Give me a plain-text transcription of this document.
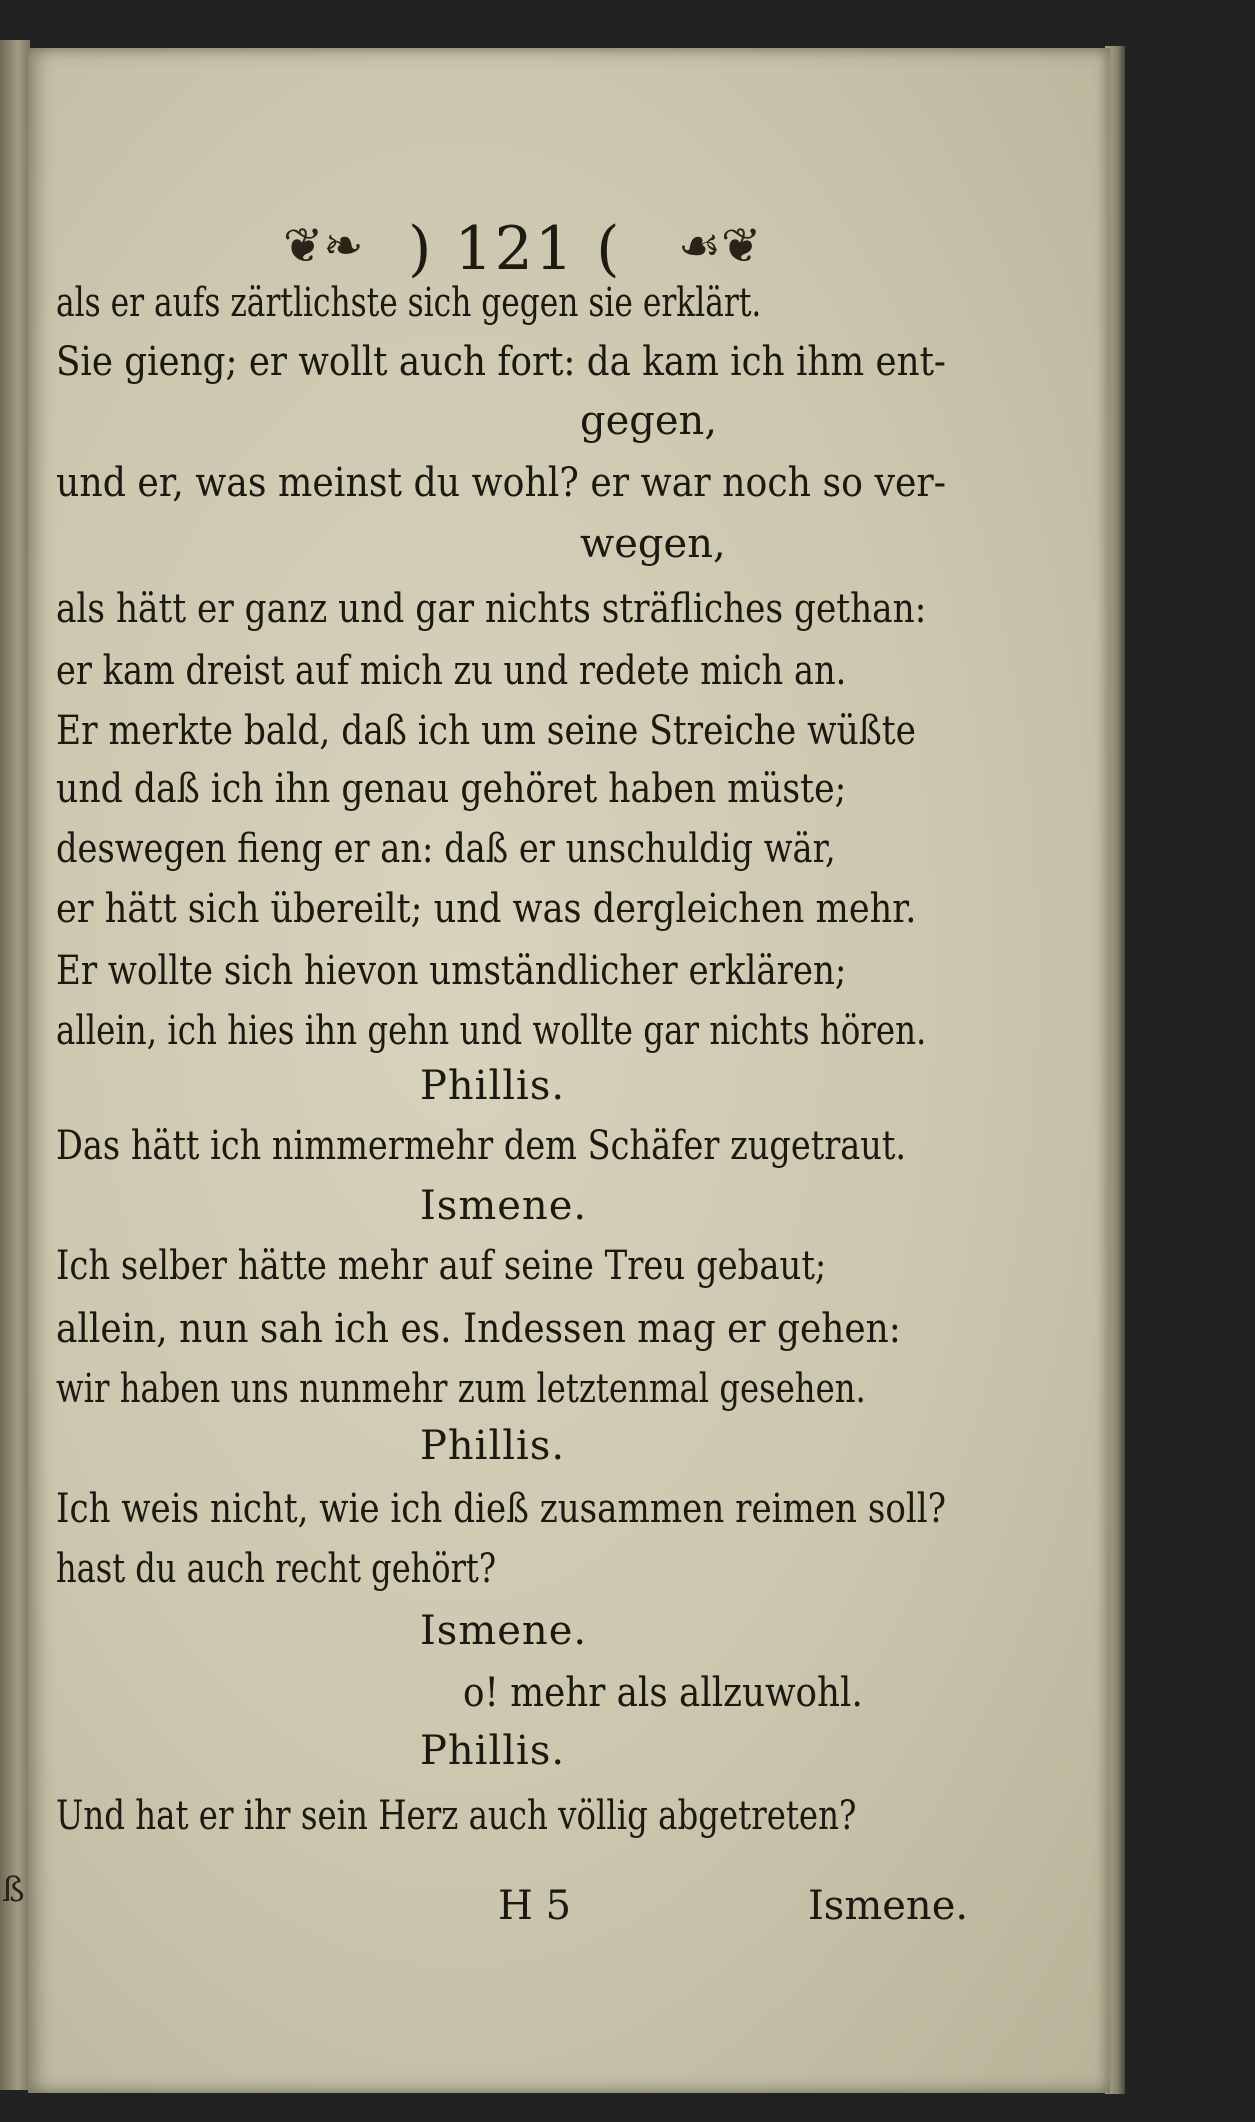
ß
❦❧ ) 121 ( ☙❦
als er aufs zärtlichste sich gegen sie erklärt.
Sie gieng; er wollt auch fort: da kam ich ihm ent-
gegen,
und er, was meinst du wohl? er war noch so ver-
wegen,
als hätt er ganz und gar nichts sträfliches gethan:
er kam dreist auf mich zu und redete mich an.
Er merkte bald, daß ich um seine Streiche wüßte
und daß ich ihn genau gehöret haben müste;
deswegen fieng er an: daß er unschuldig wär,
er hätt sich übereilt; und was dergleichen mehr.
Er wollte sich hievon umständlicher erklären;
allein, ich hies ihn gehn und wollte gar nichts hören.
Phillis.
Das hätt ich nimmermehr dem Schäfer zugetraut.
Ismene.
Ich selber hätte mehr auf seine Treu gebaut;
allein, nun sah ich es. Indessen mag er gehen:
wir haben uns nunmehr zum letztenmal gesehen.
Phillis.
Ich weis nicht, wie ich dieß zusammen reimen soll?
hast du auch recht gehört?
Ismene.
o! mehr als allzuwohl.
Phillis.
Und hat er ihr sein Herz auch völlig abgetreten?
H 5	Ismene.
